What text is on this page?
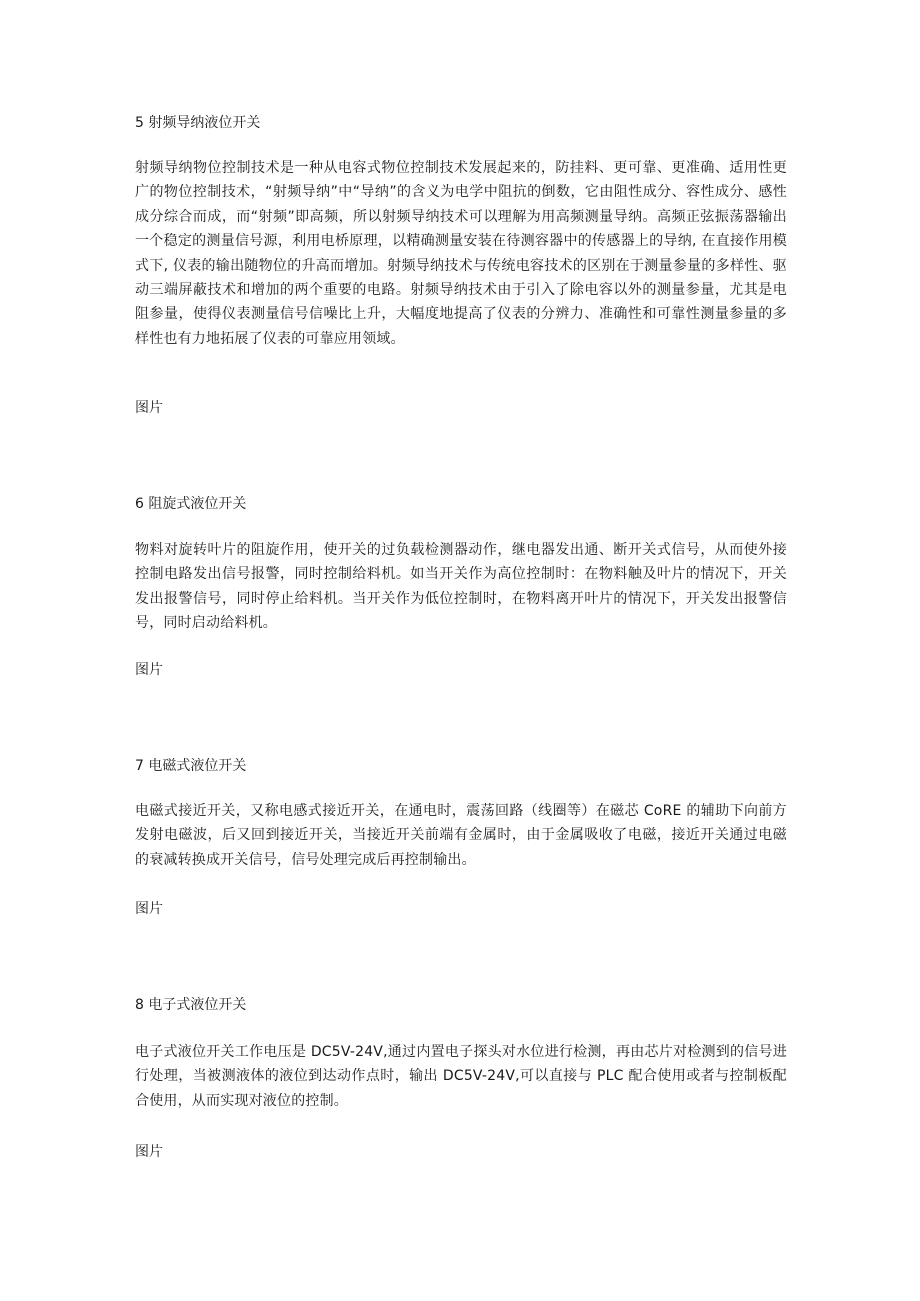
5 射频导纳液位开关

射频导纳物位控制技术是一种从电容式物位控制技术发展起来的，防挂料、更可靠、更准确、适用性更广的物位控制技术，“射频导纳”中“导纳”的含义为电学中阻抗的倒数，它由阻性成分、容性成分、感性成分综合而成，而“射频”即高频，所以射频导纳技术可以理解为用高频测量导纳。高频正弦振荡器输出一个稳定的测量信号源，利用电桥原理，以精确测量安装在待测容器中的传感器上的导纳, 在直接作用模式下, 仪表的输出随物位的升高而增加。射频导纳技术与传统电容技术的区别在于测量参量的多样性、驱动三端屏蔽技术和增加的两个重要的电路。射频导纳技术由于引入了除电容以外的测量参量，尤其是电阻参量，使得仪表测量信号信噪比上升，大幅度地提高了仪表的分辨力、准确性和可靠性测量参量的多样性也有力地拓展了仪表的可靠应用领域。

图片
6 阻旋式液位开关

物料对旋转叶片的阻旋作用，使开关的过负载检测器动作，继电器发出通、断开关式信号，从而使外接控制电路发出信号报警，同时控制给料机。如当开关作为高位控制时：在物料触及叶片的情况下，开关发出报警信号，同时停止给料机。当开关作为低位控制时，在物料离开叶片的情况下，开关发出报警信号，同时启动给料机。

图片
7 电磁式液位开关

电磁式接近开关，又称电感式接近开关，在通电时，震荡回路（线圈等）在磁芯 CoRE 的辅助下向前方发射电磁波，后又回到接近开关，当接近开关前端有金属时，由于金属吸收了电磁，接近开关通过电磁的衰减转换成开关信号，信号处理完成后再控制输出。

图片
8 电子式液位开关

电子式液位开关工作电压是 DC5V-24V,通过内置电子探头对水位进行检测，再由芯片对检测到的信号进行处理，当被测液体的液位到达动作点时，输出 DC5V-24V,可以直接与 PLC 配合使用或者与控制板配合使用，从而实现对液位的控制。

图片
